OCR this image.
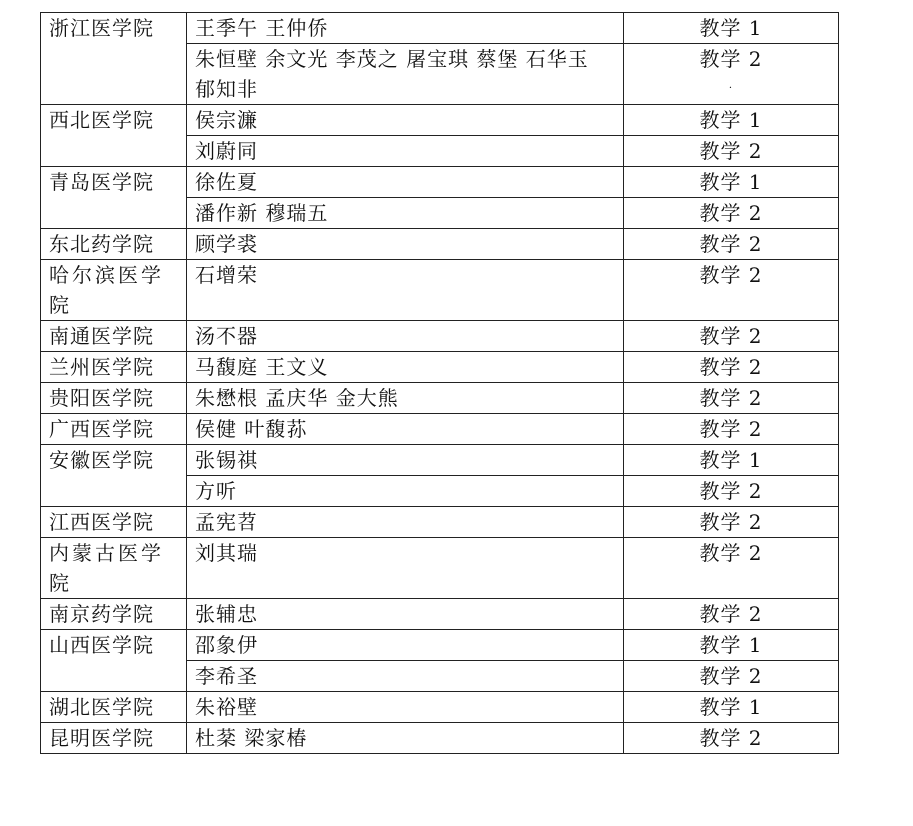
浙江医学院	王季午 王仲侨	教学 1
	朱恒壁 余文光 李茂之 屠宝琪 蔡堡 石华玉 郁知非	教学 2
·

西北医学院	侯宗濂	教学 1
	刘蔚同	教学 2
青岛医学院	徐佐夏	教学 1
	潘作新 穆瑞五	教学 2
东北药学院	顾学裘	教学 2
哈尔滨医学院	石增荣	教学 2
南通医学院	汤不器	教学 2
兰州医学院	马馥庭 王文义	教学 2
贵阳医学院	朱懋根 孟庆华 金大熊	教学 2
广西医学院	侯健 叶馥荪	教学 2
安徽医学院	张锡祺	教学 1
	方听	教学 2
江西医学院	孟宪苕	教学 2
内蒙古医学院	刘其瑞	教学 2
南京药学院	张辅忠	教学 2
山西医学院	邵象伊	教学 1
	李希圣	教学 2
湖北医学院	朱裕壁	教学 1
昆明医学院	杜棻 梁家椿	教学 2
